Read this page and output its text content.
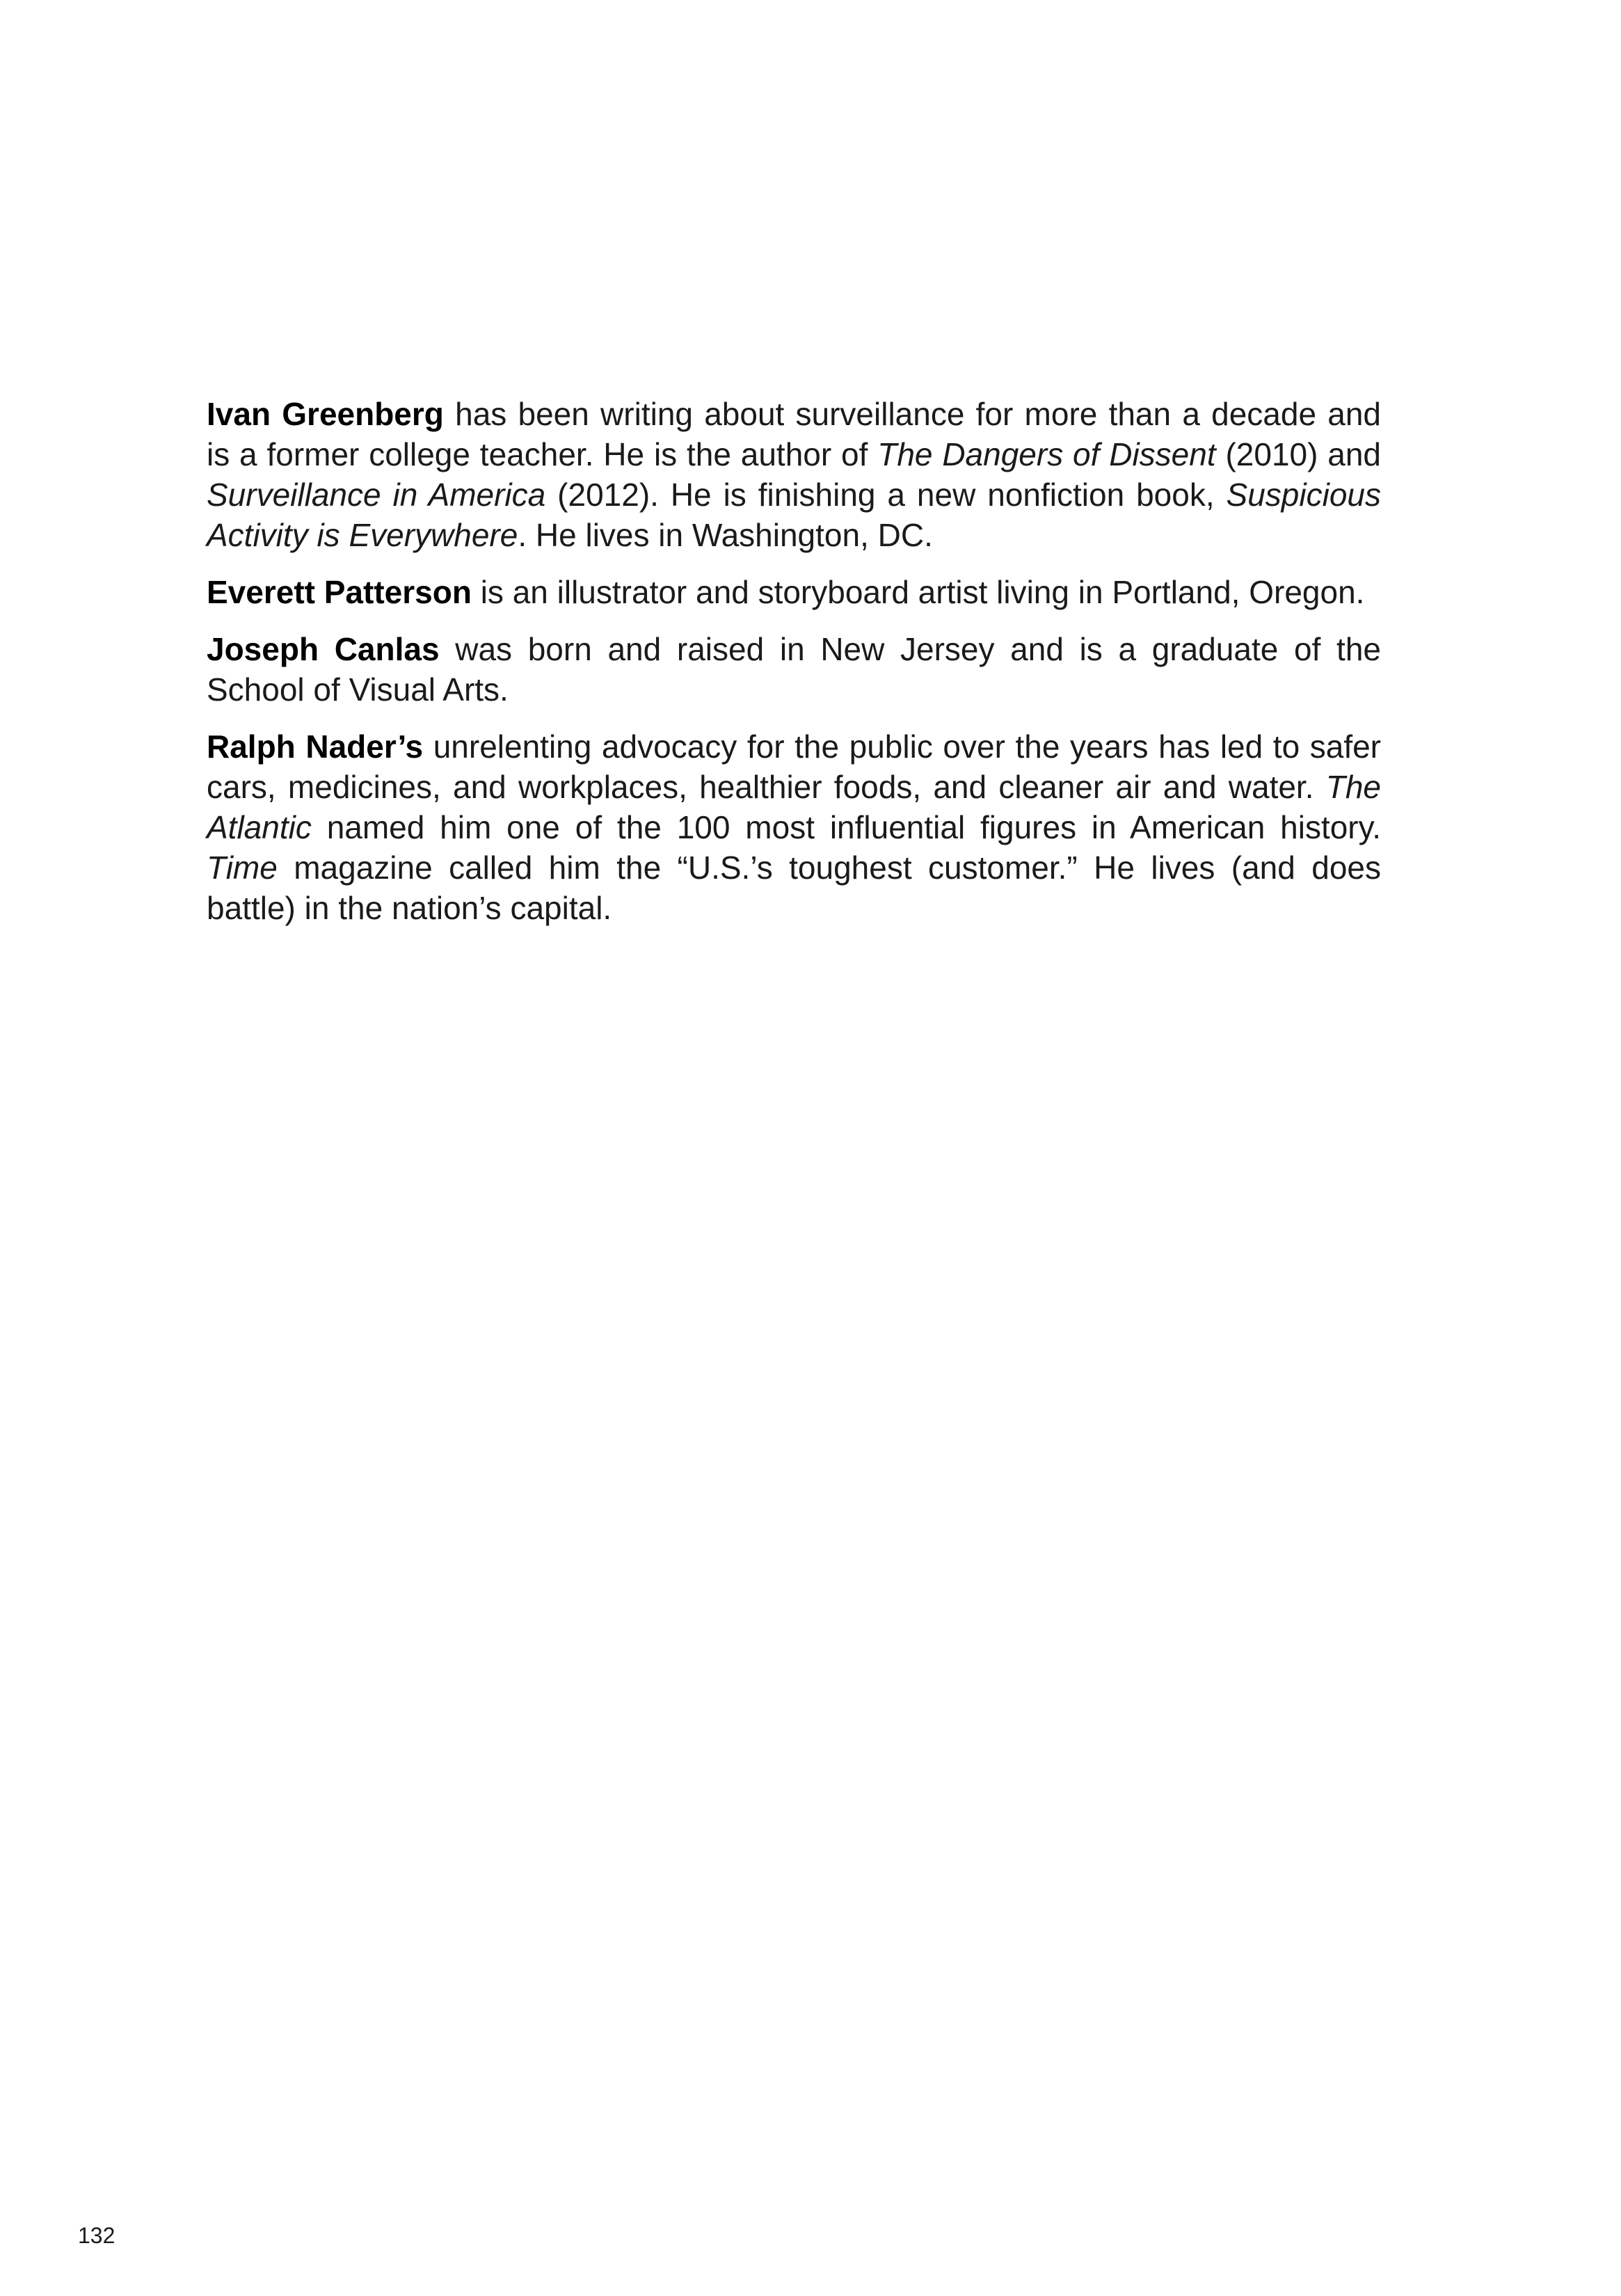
Ivan Greenberg has been writing about surveillance for more than a decade and is a former college teacher. He is the author of The Dangers of Dissent (2010) and Surveillance in America (2012). He is finishing a new nonfiction book, Suspicious Activity is Everywhere. He lives in Washington, DC.

Everett Patterson is an illustrator and storyboard artist living in Portland, Oregon.

Joseph Canlas was born and raised in New Jersey and is a graduate of the School of Visual Arts.

Ralph Nader’s unrelenting advocacy for the public over the years has led to safer cars, medicines, and workplaces, healthier foods, and cleaner air and water. The Atlantic named him one of the 100 most influential figures in American history. Time magazine called him the “U.S.’s toughest customer.” He lives (and does battle) in the nation’s capital.

132
